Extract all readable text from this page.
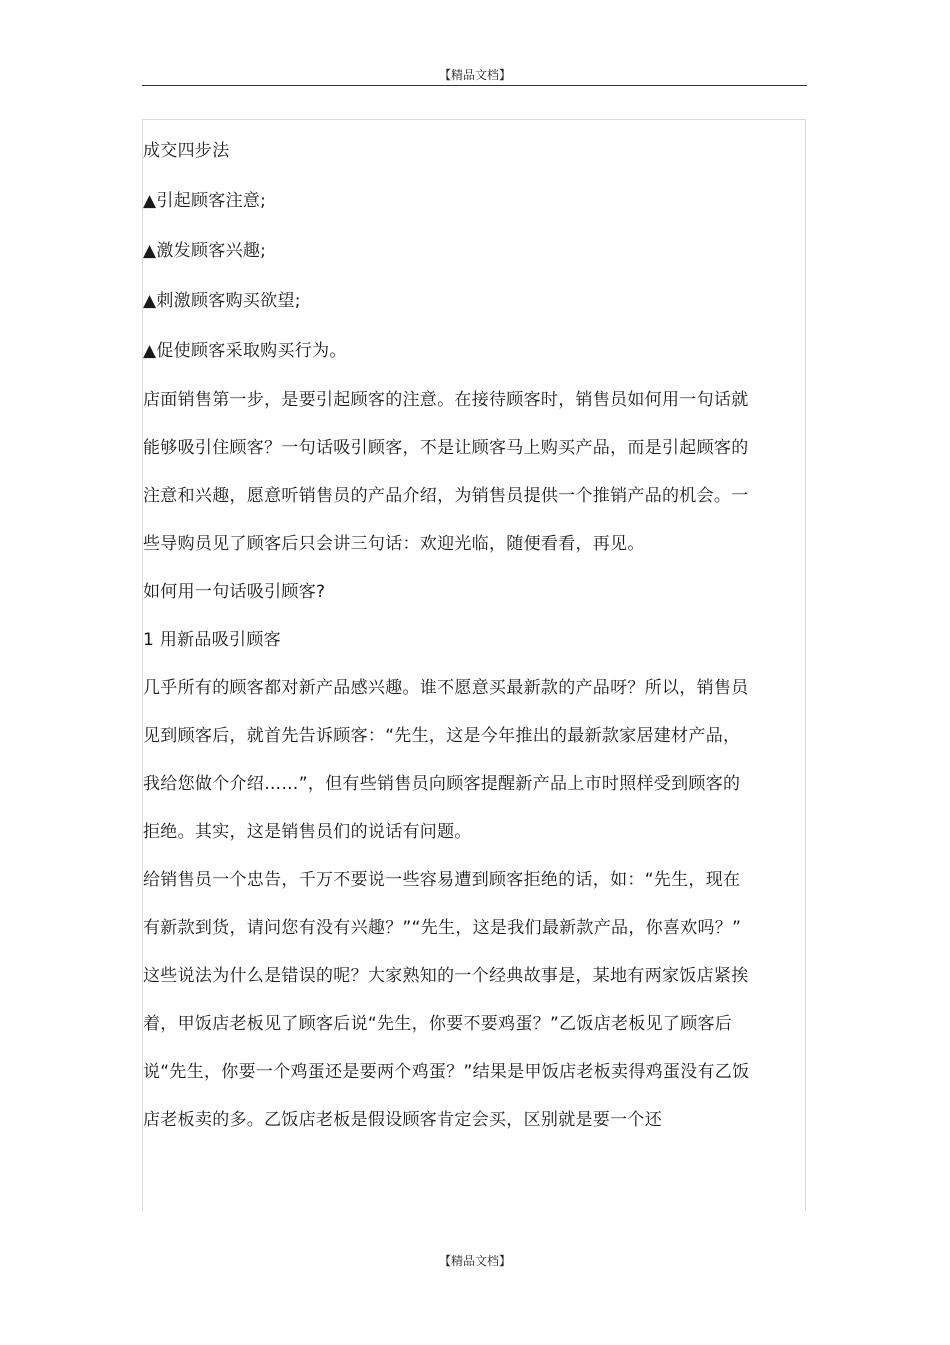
【精品文档】

成交四步法

▲引起顾客注意;

▲激发顾客兴趣;

▲刺激顾客购买欲望;

▲促使顾客采取购买行为。

店面销售第一步，是要引起顾客的注意。在接待顾客时，销售员如何用一句话就能够吸引住顾客？一句话吸引顾客，不是让顾客马上购买产品，而是引起顾客的注意和兴趣，愿意听销售员的产品介绍，为销售员提供一个推销产品的机会。一些导购员见了顾客后只会讲三句话：欢迎光临，随便看看，再见。

如何用一句话吸引顾客?

1 用新品吸引顾客

几乎所有的顾客都对新产品感兴趣。谁不愿意买最新款的产品呀？所以，销售员见到顾客后，就首先告诉顾客：“先生，这是今年推出的最新款家居建材产品，我给您做个介绍……”，但有些销售员向顾客提醒新产品上市时照样受到顾客的拒绝。其实，这是销售员们的说话有问题。

给销售员一个忠告，千万不要说一些容易遭到顾客拒绝的话，如：“先生，现在有新款到货，请问您有没有兴趣？”“先生，这是我们最新款产品，你喜欢吗？”

这些说法为什么是错误的呢？大家熟知的一个经典故事是，某地有两家饭店紧挨着，甲饭店老板见了顾客后说“先生，你要不要鸡蛋？”乙饭店老板见了顾客后说“先生，你要一个鸡蛋还是要两个鸡蛋？”结果是甲饭店老板卖得鸡蛋没有乙饭店老板卖的多。乙饭店老板是假设顾客肯定会买，区别就是要一个还

【精品文档】
